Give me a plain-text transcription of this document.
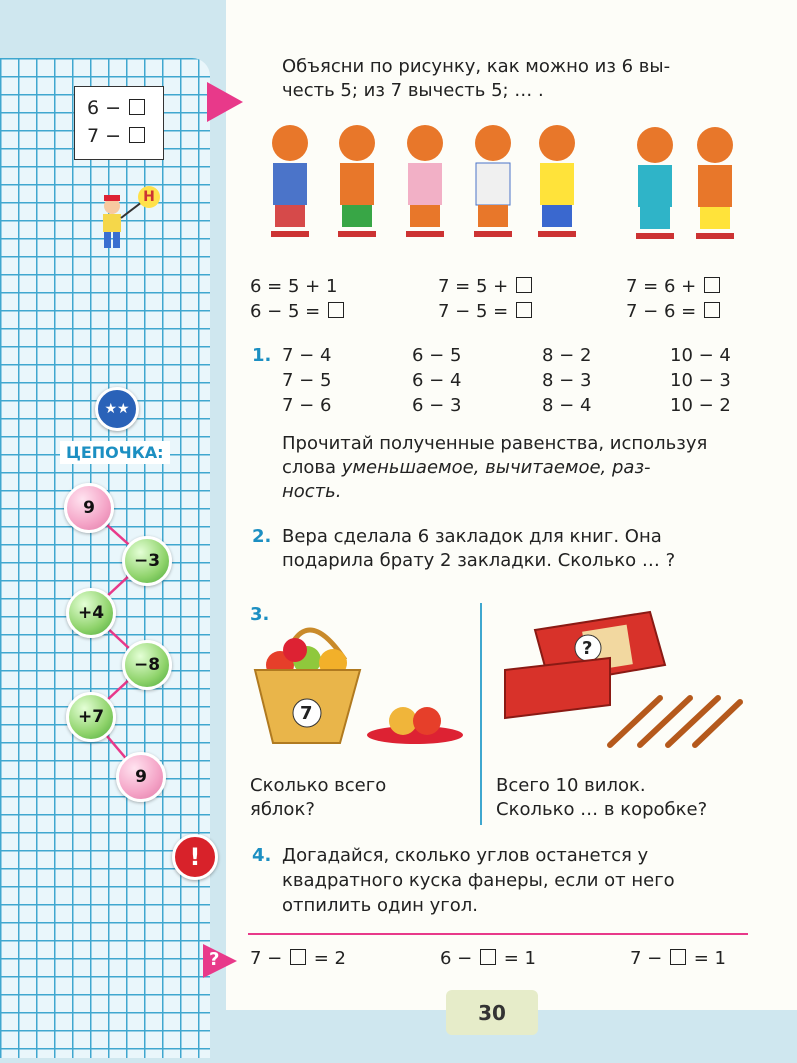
6 −
7 −
Н
★★
ЦЕПОЧКА:
9
−3
+4
−8
+7
9
!
Объясни по рисунку, как можно из 6 вы-
честь 5; из 7 вычесть 5; … .
6 = 5 + 1
6 − 5 =
7 = 5 +
7 − 5 =
7 = 6 +
7 − 6 =
1. 7 − 4
7 − 5
7 − 6
6 − 5
6 − 4
6 − 3
8 − 2
8 − 3
8 − 4
10 − 4
10 − 3
10 − 2
Прочитай полученные равенства, используя
слова уменьшаемое, вычитаемое, раз-
ность.
2. Вера сделала 6 закладок для книг. Она
подарила брату 2 закладки. Сколько … ?
3.
7
?
Сколько всего
яблок?
Всего 10 вилок.
Сколько … в коробке?
4. Догадайся, сколько углов останется у
квадратного куска фанеры, если от него
отпилить один угол.
? 7 − = 2	6 − = 1	7 − = 1
30
